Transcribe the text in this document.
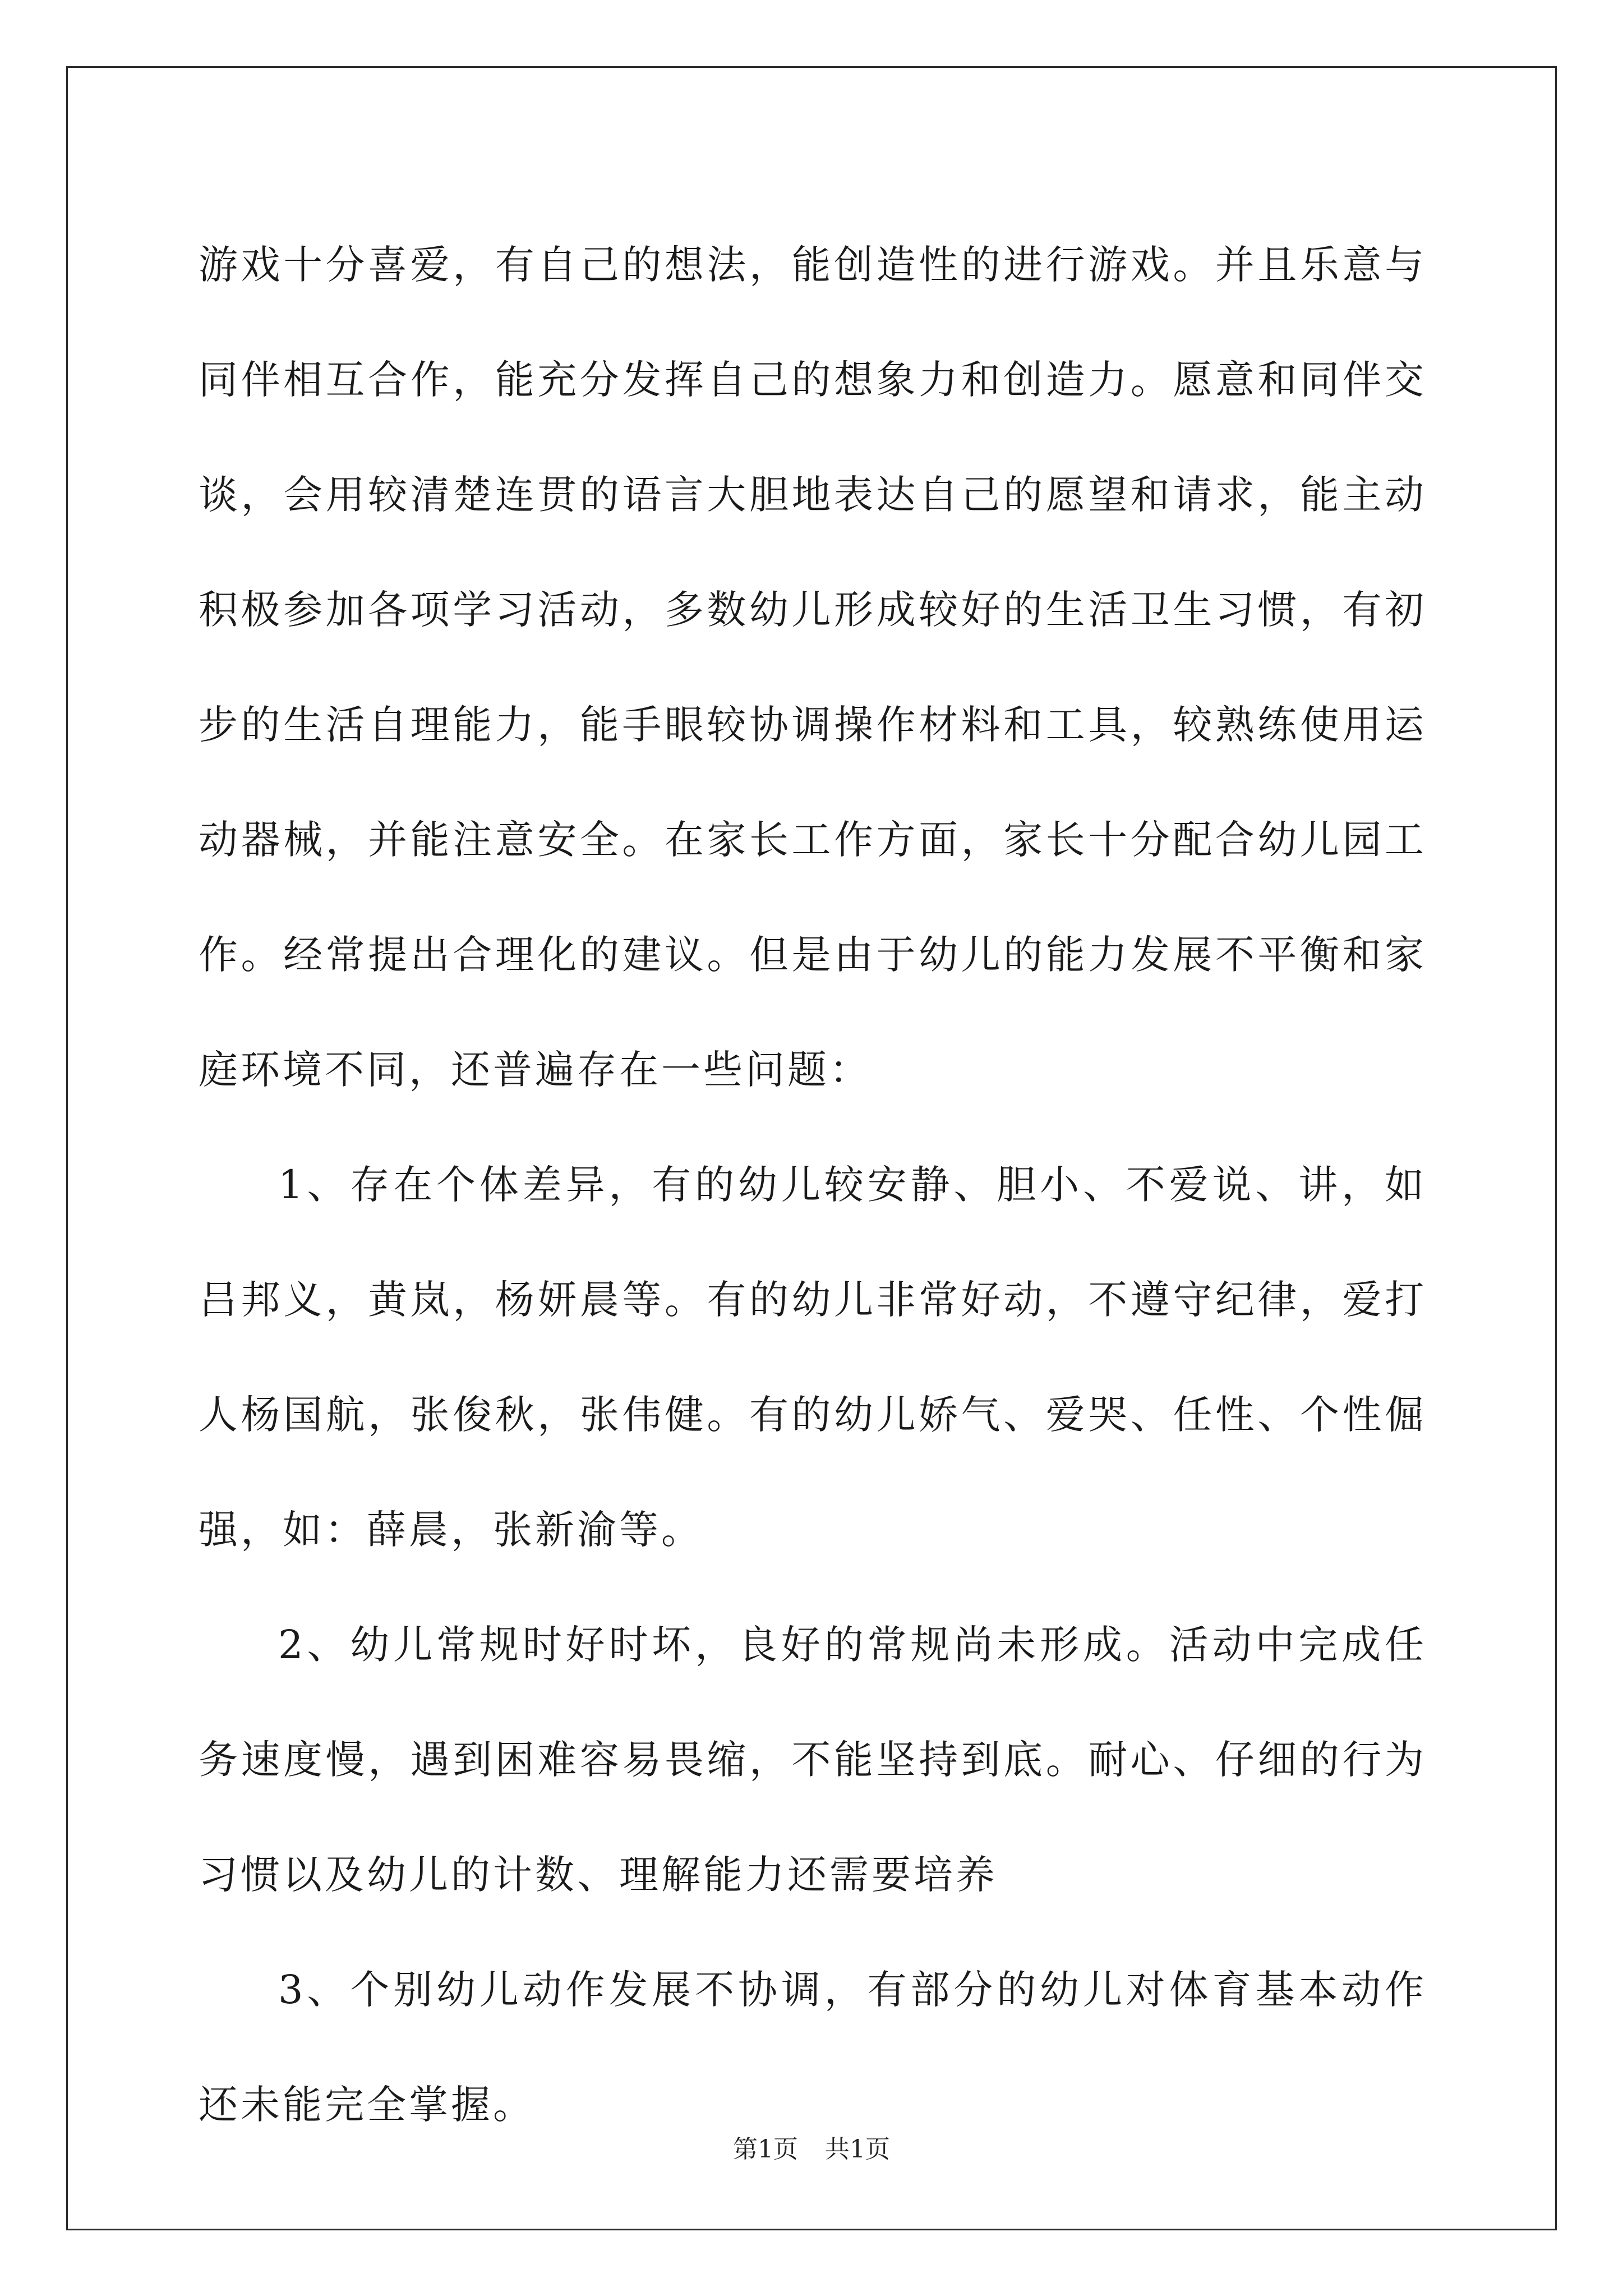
游戏十分喜爱，有自己的想法，能创造性的进行游戏。并且乐意与同伴相互合作，能充分发挥自己的想象力和创造力。愿意和同伴交谈，会用较清楚连贯的语言大胆地表达自己的愿望和请求，能主动积极参加各项学习活动，多数幼儿形成较好的生活卫生习惯，有初步的生活自理能力，能手眼较协调操作材料和工具，较熟练使用运动器械，并能注意安全。在家长工作方面，家长十分配合幼儿园工作。经常提出合理化的建议。但是由于幼儿的能力发展不平衡和家庭环境不同，还普遍存在一些问题：

1、存在个体差异，有的幼儿较安静、胆小、不爱说、讲，如吕邦义，黄岚，杨妍晨等。有的幼儿非常好动，不遵守纪律，爱打人杨国航，张俊秋，张伟健。有的幼儿娇气、爱哭、任性、个性倔强，如：薛晨，张新渝等。

2、幼儿常规时好时坏，良好的常规尚未形成。活动中完成任务速度慢，遇到困难容易畏缩，不能坚持到底。耐心、仔细的行为习惯以及幼儿的计数、理解能力还需要培养

3、个别幼儿动作发展不协调，有部分的幼儿对体育基本动作还未能完全掌握。

第1页 共1页
